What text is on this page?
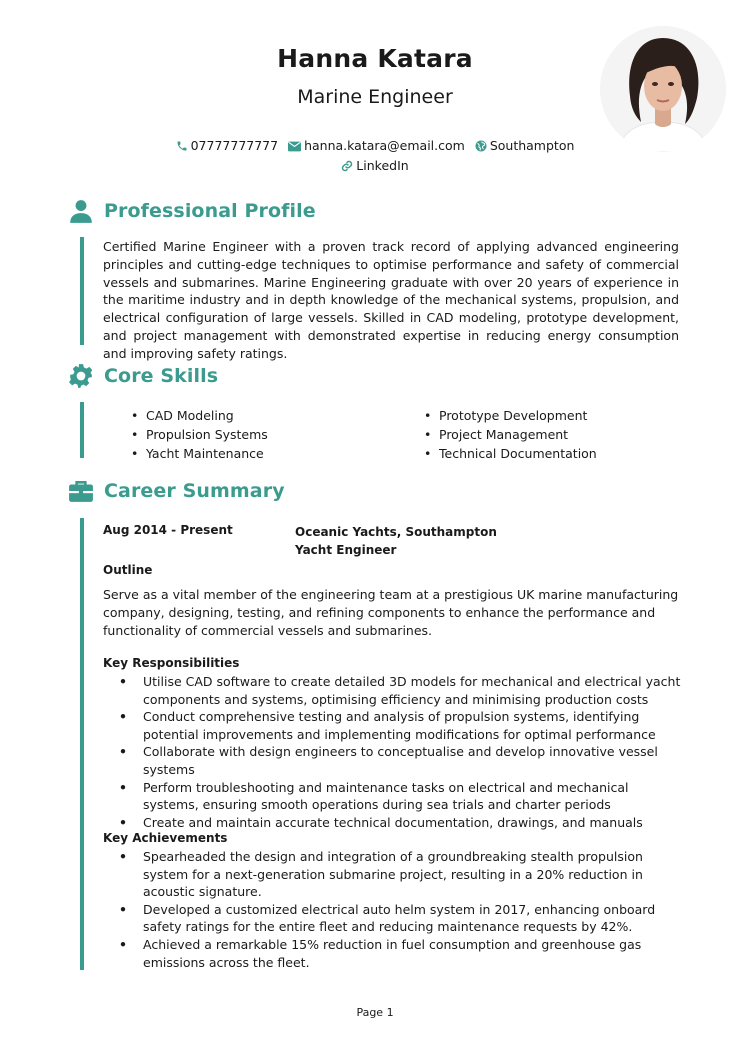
Hanna Katara
Marine Engineer
07777777777 hanna.katara@email.com Southampton
LinkedIn
Professional Profile
Certified Marine Engineer with a proven track record of applying advanced engineering principles and cutting-edge techniques to optimise performance and safety of commercial vessels and submarines. Marine Engineering graduate with over 20 years of experience in the maritime industry and in depth knowledge of the mechanical systems, propulsion, and electrical configuration of large vessels. Skilled in CAD modeling, prototype development, and project management with demonstrated expertise in reducing energy consumption and improving safety ratings.
Core Skills
• CAD Modeling	• Prototype Development
• Propulsion Systems	• Project Management
• Yacht Maintenance	• Technical Documentation
Career Summary
Aug 2014 - Present	Oceanic Yachts, Southampton
Yacht Engineer
Outline
Serve as a vital member of the engineering team at a prestigious UK marine manufacturing company, designing, testing, and refining components to enhance the performance and functionality of commercial vessels and submarines.
Key Responsibilities
• Utilise CAD software to create detailed 3D models for mechanical and electrical yacht components and systems, optimising efficiency and minimising production costs
• Conduct comprehensive testing and analysis of propulsion systems, identifying potential improvements and implementing modifications for optimal performance
• Collaborate with design engineers to conceptualise and develop innovative vessel systems
• Perform troubleshooting and maintenance tasks on electrical and mechanical systems, ensuring smooth operations during sea trials and charter periods
• Create and maintain accurate technical documentation, drawings, and manuals
Key Achievements
• Spearheaded the design and integration of a groundbreaking stealth propulsion system for a next-generation submarine project, resulting in a 20% reduction in acoustic signature.
• Developed a customized electrical auto helm system in 2017, enhancing onboard safety ratings for the entire fleet and reducing maintenance requests by 42%.
• Achieved a remarkable 15% reduction in fuel consumption and greenhouse gas emissions across the fleet.
Page 1
